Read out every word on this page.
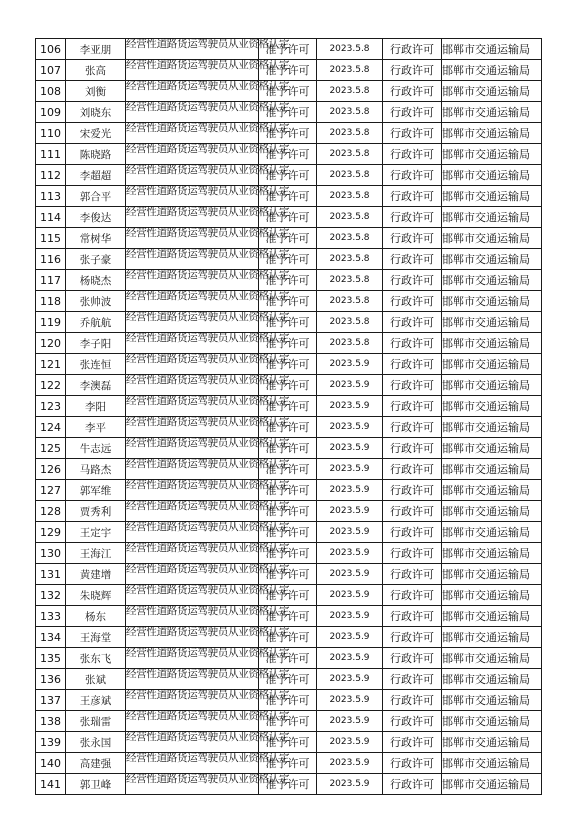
106	李亚朋	经营性道路货运驾驶员从业资格认定	准予许可	2023.5.8	行政许可	邯郸市交通运输局
107	张高	经营性道路货运驾驶员从业资格认定	准予许可	2023.5.8	行政许可	邯郸市交通运输局
108	刘衡	经营性道路货运驾驶员从业资格认定	准予许可	2023.5.8	行政许可	邯郸市交通运输局
109	刘晓东	经营性道路货运驾驶员从业资格认定	准予许可	2023.5.8	行政许可	邯郸市交通运输局
110	宋爱光	经营性道路货运驾驶员从业资格认定	准予许可	2023.5.8	行政许可	邯郸市交通运输局
111	陈晓路	经营性道路货运驾驶员从业资格认定	准予许可	2023.5.8	行政许可	邯郸市交通运输局
112	李超超	经营性道路货运驾驶员从业资格认定	准予许可	2023.5.8	行政许可	邯郸市交通运输局
113	郭合平	经营性道路货运驾驶员从业资格认定	准予许可	2023.5.8	行政许可	邯郸市交通运输局
114	李俊达	经营性道路货运驾驶员从业资格认定	准予许可	2023.5.8	行政许可	邯郸市交通运输局
115	常树华	经营性道路货运驾驶员从业资格认定	准予许可	2023.5.8	行政许可	邯郸市交通运输局
116	张子豪	经营性道路货运驾驶员从业资格认定	准予许可	2023.5.8	行政许可	邯郸市交通运输局
117	杨晓杰	经营性道路货运驾驶员从业资格认定	准予许可	2023.5.8	行政许可	邯郸市交通运输局
118	张帅波	经营性道路货运驾驶员从业资格认定	准予许可	2023.5.8	行政许可	邯郸市交通运输局
119	乔航航	经营性道路货运驾驶员从业资格认定	准予许可	2023.5.8	行政许可	邯郸市交通运输局
120	李子阳	经营性道路货运驾驶员从业资格认定	准予许可	2023.5.8	行政许可	邯郸市交通运输局
121	张连恒	经营性道路货运驾驶员从业资格认定	准予许可	2023.5.9	行政许可	邯郸市交通运输局
122	李澳磊	经营性道路货运驾驶员从业资格认定	准予许可	2023.5.9	行政许可	邯郸市交通运输局
123	李阳	经营性道路货运驾驶员从业资格认定	准予许可	2023.5.9	行政许可	邯郸市交通运输局
124	李平	经营性道路货运驾驶员从业资格认定	准予许可	2023.5.9	行政许可	邯郸市交通运输局
125	牛志远	经营性道路货运驾驶员从业资格认定	准予许可	2023.5.9	行政许可	邯郸市交通运输局
126	马路杰	经营性道路货运驾驶员从业资格认定	准予许可	2023.5.9	行政许可	邯郸市交通运输局
127	郭军维	经营性道路货运驾驶员从业资格认定	准予许可	2023.5.9	行政许可	邯郸市交通运输局
128	贾秀利	经营性道路货运驾驶员从业资格认定	准予许可	2023.5.9	行政许可	邯郸市交通运输局
129	王定宇	经营性道路货运驾驶员从业资格认定	准予许可	2023.5.9	行政许可	邯郸市交通运输局
130	王海江	经营性道路货运驾驶员从业资格认定	准予许可	2023.5.9	行政许可	邯郸市交通运输局
131	黄建增	经营性道路货运驾驶员从业资格认定	准予许可	2023.5.9	行政许可	邯郸市交通运输局
132	朱晓辉	经营性道路货运驾驶员从业资格认定	准予许可	2023.5.9	行政许可	邯郸市交通运输局
133	杨东	经营性道路货运驾驶员从业资格认定	准予许可	2023.5.9	行政许可	邯郸市交通运输局
134	王海堂	经营性道路货运驾驶员从业资格认定	准予许可	2023.5.9	行政许可	邯郸市交通运输局
135	张东飞	经营性道路货运驾驶员从业资格认定	准予许可	2023.5.9	行政许可	邯郸市交通运输局
136	张斌	经营性道路货运驾驶员从业资格认定	准予许可	2023.5.9	行政许可	邯郸市交通运输局
137	王彦斌	经营性道路货运驾驶员从业资格认定	准予许可	2023.5.9	行政许可	邯郸市交通运输局
138	张瑞雷	经营性道路货运驾驶员从业资格认定	准予许可	2023.5.9	行政许可	邯郸市交通运输局
139	张永国	经营性道路货运驾驶员从业资格认定	准予许可	2023.5.9	行政许可	邯郸市交通运输局
140	高建强	经营性道路货运驾驶员从业资格认定	准予许可	2023.5.9	行政许可	邯郸市交通运输局
141	郭卫峰	经营性道路货运驾驶员从业资格认定	准予许可	2023.5.9	行政许可	邯郸市交通运输局
